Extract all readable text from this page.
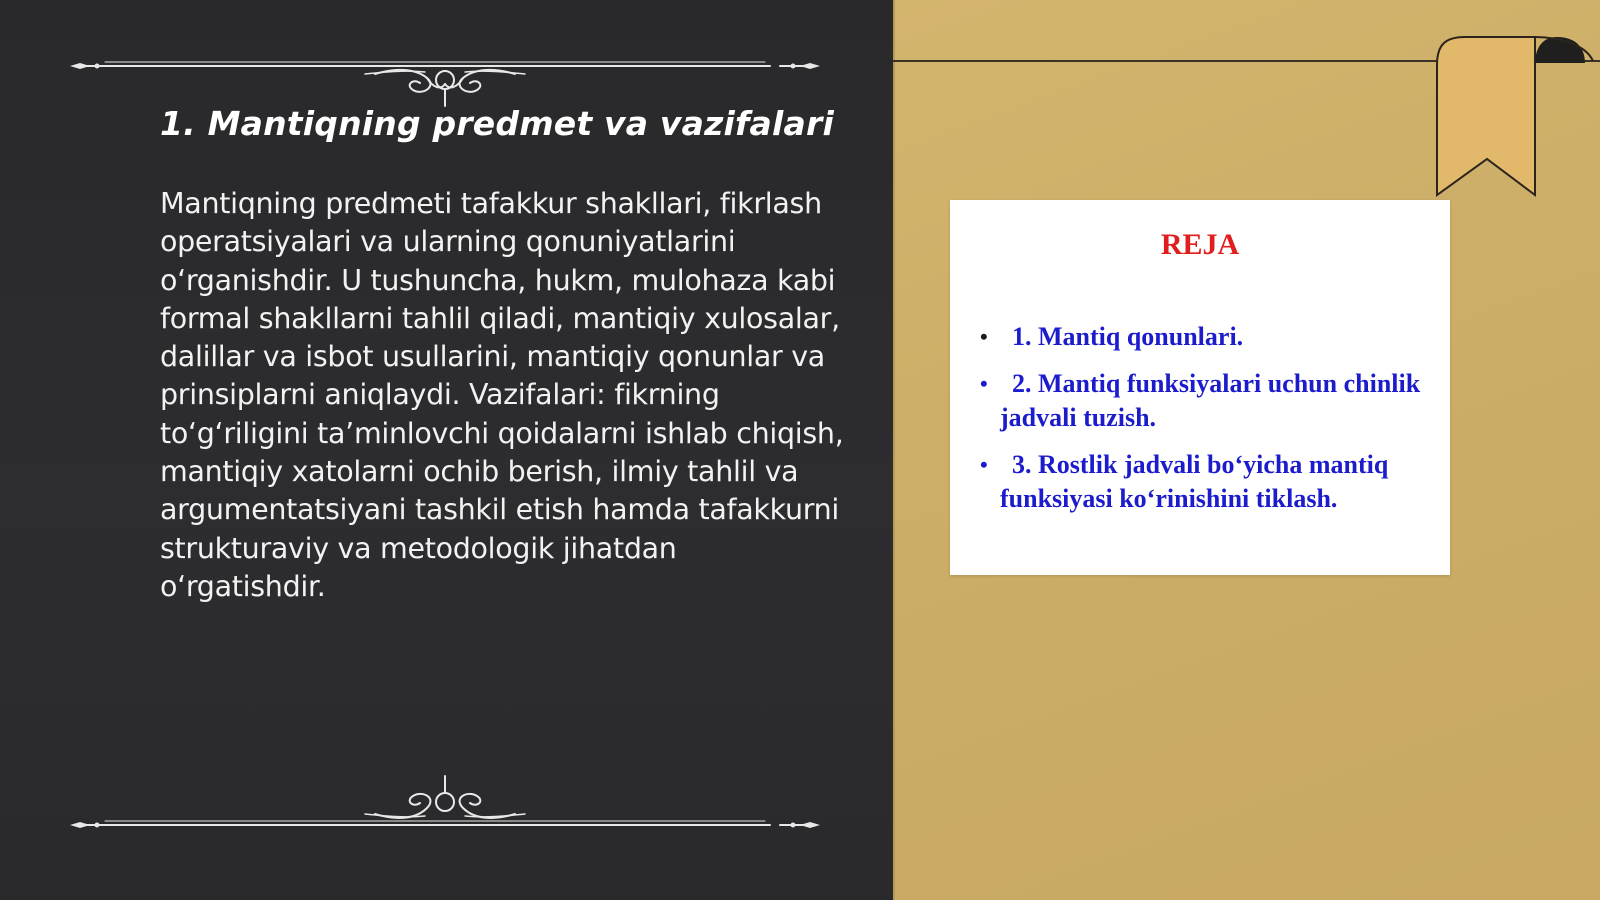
1. Mantiqning predmet va vazifalari

Mantiqning predmeti tafakkur shakllari, fikrlash operatsiyalari va ularning qonuniyatlarini o‘rganishdir. U tushuncha, hukm, mulohaza kabi formal shakllarni tahlil qiladi, mantiqiy xulosalar, dalillar va isbot usullarini, mantiqiy qonunlar va prinsiplarni aniqlaydi. Vazifalari: fikrning to‘g‘riligini ta’minlovchi qoidalarni ishlab chiqish, mantiqiy xatolarni ochib berish, ilmiy tahlil va argumentatsiyani tashkil etish hamda tafakkurni strukturaviy va metodologik jihatdan o‘rgatishdir.

REJA
• 1. Mantiq qonunlari.
• 2. Mantiq funksiyalari uchun chinlik jadvali tuzish.
• 3. Rostlik jadvali bo‘yicha mantiq funksiyasi ko‘rinishini tiklash.
